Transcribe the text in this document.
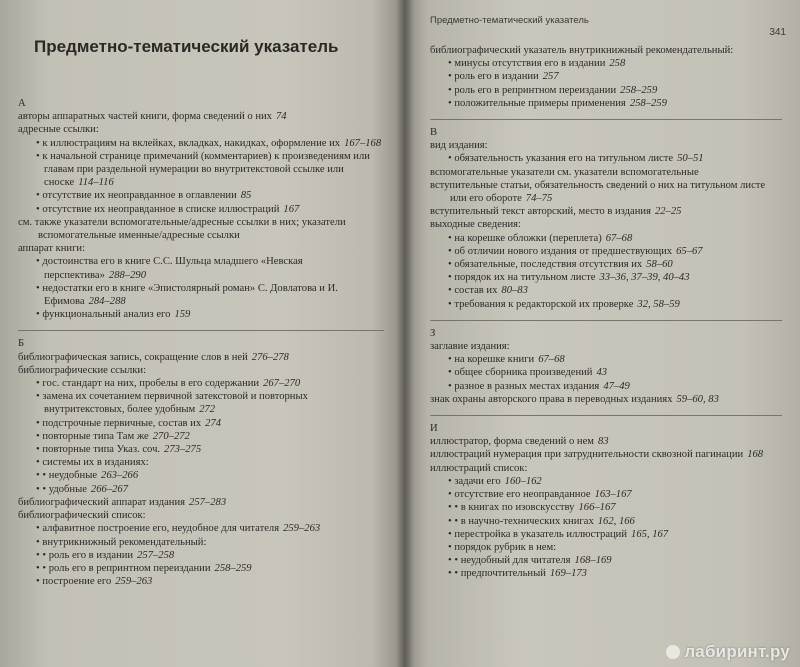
Предметно-тематический указатель
А
авторы аппаратных частей книги, форма сведений о них 74
адресные ссылки:
• к иллюстрациям на вклейках, вкладках, накидках, оформление их 167–168
• к начальной странице примечаний (комментариев) к произведениям или главам при раздельной нумерации во внутритекстовой ссылке или сноске 114–116
• отсутствие их неоправданное в оглавлении 85
• отсутствие их неоправданное в списке иллюстраций 167
см. также указатели вспомогательные/адресные ссылки в них; указатели вспомогательные именные/адресные ссылки
аппарат книги:
• достоинства его в книге С.С. Шульца младшего «Невская перспектива» 288–290
• недостатки его в книге «Эпистолярный роман» С. Довлатова и И. Ефимова 284–288
• функциональный анализ его 159
Б
библиографическая запись, сокращение слов в ней 276–278
библиографические ссылки:
• гос. стандарт на них, пробелы в его содержании 267–270
• замена их сочетанием первичной затекстовой и повторных внутритекстовых, более удобным 272
• подстрочные первичные, состав их 274
• повторные типа Там же 270–272
• повторные типа Указ. соч. 273–275
• системы их в изданиях:
• • неудобные 263–266
• • удобные 266–267
библиографический аппарат издания 257–283
библиографический список:
• алфавитное построение его, неудобное для читателя 259–263
• внутрикнижный рекомендательный:
• • роль его в издании 257–258
• • роль его в репринтном переиздании 258–259
• построение его 259–263
Предметно-тематический указатель
341
библиографический указатель внутрикнижный рекомендательный:
• минусы отсутствия его в издании 258
• роль его в издании 257
• роль его в репринтном переиздании 258–259
• положительные примеры применения 258–259
В
вид издания:
• обязательность указания его на титульном листе 50–51
вспомогательные указатели см. указатели вспомогательные
вступительные статьи, обязательность сведений о них на титульном листе или его обороте 74–75
вступительный текст авторский, место в издания 22–25
выходные сведения:
• на корешке обложки (переплета) 67–68
• об отличии нового издания от предшествующих 65–67
• обязательные, последствия отсутствия их 58–60
• порядок их на титульном листе 33–36, 37–39, 40–43
• состав их 80–83
• требования к редакторской их проверке 32, 58–59
З
заглавие издания:
• на корешке книги 67–68
• общее сборника произведений 43
• разное в разных местах издания 47–49
знак охраны авторского права в переводных изданиях 59–60, 83
И
иллюстратор, форма сведений о нем 83
иллюстраций нумерация при затруднительности сквозной пагинации 168
иллюстраций список:
• задачи его 160–162
• отсутствие его неоправданное 163–167
• • в книгах по изовскусству 166–167
• • в научно-технических книгах 162, 166
• перестройка в указатель иллюстраций 165, 167
• порядок рубрик в нем:
• • неудобный для читателя 168–169
• • предпочтительный 169–173
лабиринт.ру
